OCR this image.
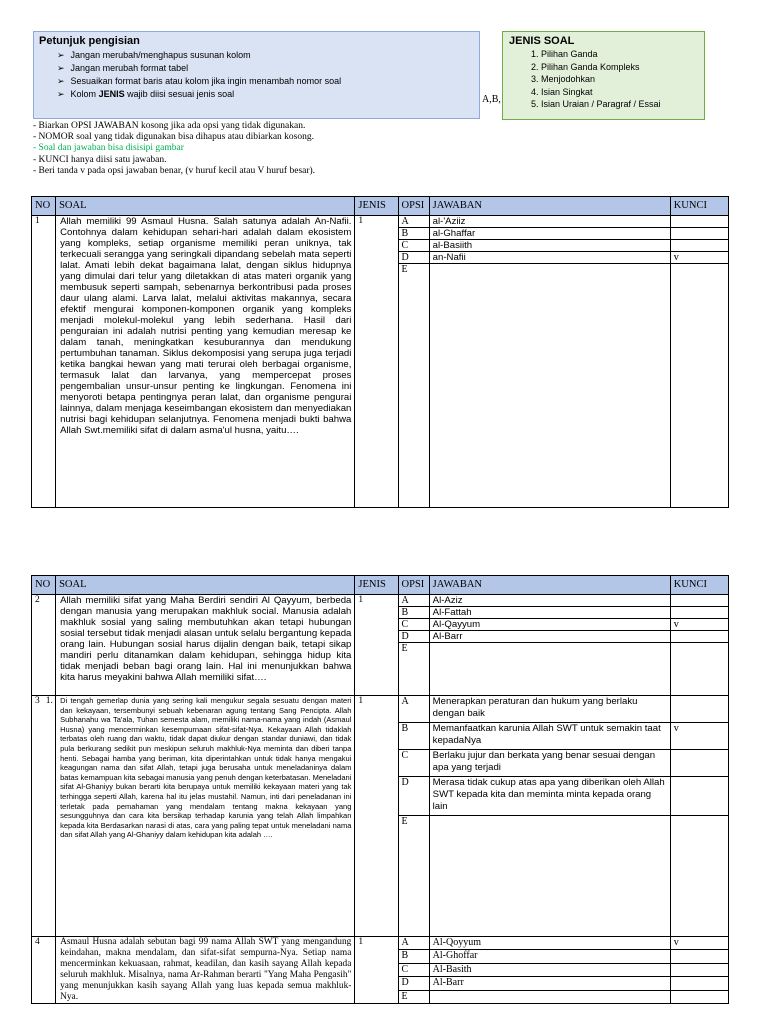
Petunjuk pengisian
➢ Jangan merubah/menghapus susunan kolom
➢ Jangan merubah format tabel
➢ Sesuaikan format baris atau kolom jika ingin menambah nomor soal
➢ Kolom JENIS wajib diisi sesuai jenis soal
JENIS SOAL
1. Pilihan Ganda
2. Pilihan Ganda Kompleks
3. Menjodohkan
4. Isian Singkat
5. Isian Uraian / Paragraf / Essai
A,B,
- Biarkan OPSI JAWABAN kosong jika ada opsi yang tidak digunakan.
- NOMOR soal yang tidak digunakan bisa dihapus atau dibiarkan kosong.
- Soal dan jawaban bisa disisipi gambar
- KUNCI hanya diisi satu jawaban.
- Beri tanda v pada opsi jawaban benar, (v huruf kecil atau V huruf besar).
NO	SOAL	JENIS	OPSI	JAWABAN	KUNCI
1	Allah memiliki 99 Asmaul Husna. Salah satunya adalah An-Nafii. Contohnya dalam kehidupan sehari-hari adalah dalam ekosistem yang kompleks, setiap organisme memiliki peran uniknya, tak terkecuali serangga yang seringkali dipandang sebelah mata seperti lalat. Amati lebih dekat bagaimana lalat, dengan siklus hidupnya yang dimulai dari telur yang diletakkan di atas materi organik yang membusuk seperti sampah, sebenarnya berkontribusi pada proses daur ulang alami. Larva lalat, melalui aktivitas makannya, secara efektif mengurai komponen-komponen organik yang kompleks menjadi molekul-molekul yang lebih sederhana. Hasil dari penguraian ini adalah nutrisi penting yang kemudian meresap ke dalam tanah, meningkatkan kesuburannya dan mendukung pertumbuhan tanaman. Siklus dekomposisi yang serupa juga terjadi ketika bangkai hewan yang mati terurai oleh berbagai organisme, termasuk lalat dan larvanya, yang mempercepat proses pengembalian unsur-unsur penting ke lingkungan. Fenomena ini menyoroti betapa pentingnya peran lalat, dan organisme pengurai lainnya, dalam menjaga keseimbangan ekosistem dan menyediakan nutrisi bagi kehidupan selanjutnya. Fenomena menjadi bukti bahwa Allah Swt.memiliki sifat di dalam asma'ul husna, yaitu….	1	A	al-'Aziiz	
			B	al-Ghaffar	
			C	al-Basiith	
			D	an-Nafii	v
			E		
NO	SOAL	JENIS	OPSI	JAWABAN	KUNCI
2	Allah memiliki sifat yang Maha Berdiri sendiri Al Qayyum, berbeda dengan manusia yang merupakan makhluk social. Manusia adalah makhluk sosial yang saling membutuhkan akan tetapi hubungan sosial tersebut tidak menjadi alasan untuk selalu bergantung kepada orang lain. Hubungan sosial harus dijalin dengan baik, tetapi sikap mandiri perlu ditanamkan dalam kehidupan, sehingga hidup kita tidak menjadi beban bagi orang lain. Hal ini menunjukkan bahwa kita harus meyakini bahwa Allah memiliki sifat….	1	A	Al-Aziz	
			B	Al-Fattah	
			C	Al-Qayyum	v
			D	Al-Barr	
			E		
3 1.	Di tengah gemerlap dunia yang sering kali mengukur segala sesuatu dengan materi dan kekayaan, tersembunyi sebuah kebenaran agung tentang Sang Pencipta. Allah Subhanahu wa Ta'ala, Tuhan semesta alam, memiliki nama-nama yang indah (Asmaul Husna) yang mencerminkan kesempurnaan sifat-sifat-Nya. Kekayaan Allah tidaklah terbatas oleh ruang dan waktu, tidak dapat diukur dengan standar duniawi, dan tidak pula berkurang sedikit pun meskipun seluruh makhluk-Nya meminta dan diberi tanpa henti. Sebagai hamba yang beriman, kita diperintahkan untuk tidak hanya mengakui keagungan nama dan sifat Allah, tetapi juga berusaha untuk meneladaninya dalam batas kemampuan kita sebagai manusia yang penuh dengan keterbatasan. Meneladani sifat Al-Ghaniyy bukan berarti kita berupaya untuk memiliki kekayaan materi yang tak terhingga seperti Allah, karena hal itu jelas mustahil. Namun, inti dari peneladanan ini terletak pada pemahaman yang mendalam tentang makna kekayaan yang sesungguhnya dan cara kita bersikap terhadap karunia yang telah Allah limpahkan kepada kita Berdasarkan narasi di atas, cara yang paling tepat untuk meneladani nama dan sifat Allah yang Al-Ghaniyy dalam kehidupan kita adalah ….	1	A	Menerapkan peraturan dan hukum yang berlaku dengan baik	
			B	Memanfaatkan karunia Allah SWT untuk semakin taat kepadaNya	v
			C	Berlaku jujur dan berkata yang benar sesuai dengan apa yang terjadi	
			D	Merasa tidak cukup atas apa yang diberikan oleh Allah SWT kepada kita dan meminta minta kepada orang lain	
			E		
4	Asmaul Husna adalah sebutan bagi 99 nama Allah SWT yang mengandung keindahan, makna mendalam, dan sifat-sifat sempurna-Nya. Setiap nama mencerminkan kekuasaan, rahmat, keadilan, dan kasih sayang Allah kepada seluruh makhluk. Misalnya, nama Ar-Rahman berarti "Yang Maha Pengasih" yang menunjukkan kasih sayang Allah yang luas kepada semua makhluk-Nya.	1	A	Al-Qoyyum	v
			B	Al-Ghoffar	
			C	Al-Basith	
			D	Al-Barr	
			E		
